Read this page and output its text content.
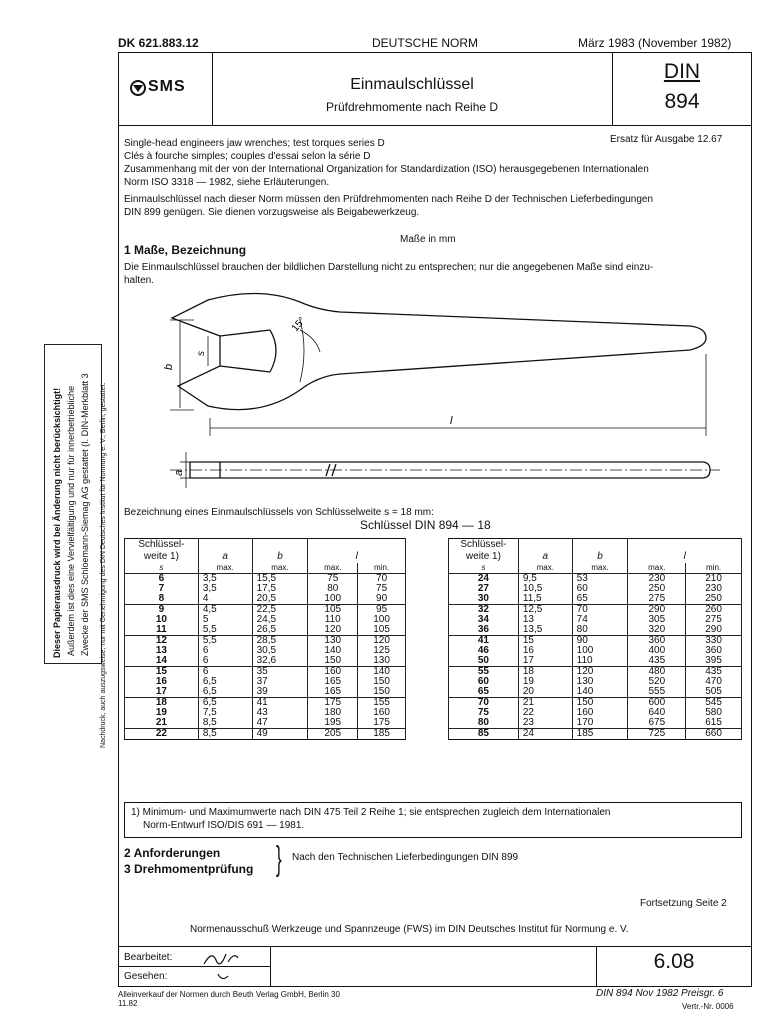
DK 621.883.12	DEUTSCHE NORM	März 1983 (November 1982)
SMS	Einmaulschlüssel
Prüfdrehmomente nach Reihe D
DIN
894
Single-head engineers jaw wrenches; test torques series D	Ersatz für Ausgabe 12.67
Clés à fourche simples; couples d'essai selon la série D
Zusammenhang mit der von der International Organization for Standardization (ISO) herausgegebenen Internationalen
Norm ISO 3318 — 1982, siehe Erläuterungen.
Einmaulschlüssel nach dieser Norm müssen den Prüfdrehmomenten nach Reihe D der Technischen Lieferbedingungen
DIN 899 genügen. Sie dienen vorzugsweise als Beigabewerkzeug.
Maße in mm
1 Maße, Bezeichnung
Die Einmaulschlüssel brauchen der bildlichen Darstellung nicht zu entsprechen; nur die angegebenen Maße sind einzu-
halten.
b
s
l
15°
a
Bezeichnung eines Einmaulschlüssels von Schlüsselweite s = 18 mm:
Schlüssel DIN 894 — 18
Schlüssel-				
weite 1)	a	b	l	
s	max.	max.	max.	min.
6	3,5	15,5	75	70
7	3,5	17,5	80	75
8	4	20,5	100	90
9	4,5	22,5	105	95
10	5	24,5	110	100
11	5,5	26,5	120	105
12	5,5	28,5	130	120
13	6	30,5	140	125
14	6	32,6	150	130
15	6	35	160	140
16	6,5	37	165	150
17	6,5	39	165	150
18	6,5	41	175	155
19	7,5	43	180	160
21	8,5	47	195	175
22	8,5	49	205	185
Schlüssel-				
weite 1)	a	b	l	
s	max.	max.	max.	min.
24	9,5	53	230	210
27	10,5	60	250	230
30	11,5	65	275	250
32	12,5	70	290	260
34	13	74	305	275
36	13,5	80	320	290
41	15	90	360	330
46	16	100	400	360
50	17	110	435	395
55	18	120	480	435
60	19	130	520	470
65	20	140	555	505
70	21	150	600	545
75	22	160	640	580
80	23	170	675	615
85	24	185	725	660
1) Minimum- und Maximumwerte nach DIN 475 Teil 2 Reihe 1; sie entsprechen zugleich dem Internationalen
Norm-Entwurf ISO/DIS 691 — 1981.
2 Anforderungen
3 Drehmomentprüfung } Nach den Technischen Lieferbedingungen DIN 899
Fortsetzung Seite 2
Normenausschuß Werkzeuge und Spannzeuge (FWS) im DIN Deutsches Institut für Normung e. V.
Bearbeitet:
Gesehen:
6.08
Alleinverkauf der Normen durch Beuth Verlag GmbH, Berlin 30
11.82
DIN 894 Nov 1982 Preisgr. 6
Vertr.-Nr. 0006
Dieser Papierausdruck wird bei Änderung nicht berücksichtigt! Außerdem ist dies eine Vervielfältigung und nur für innerbetriebliche Zwecke der SMS Schloemann-Siemag AG gestattet (I. DIN-Merkblatt 3 Nachdruck, auch auszugsweise, nur mit Genehmigung des DIN Deutsches Institut für Normung e. V., Berlin, gestattet.
